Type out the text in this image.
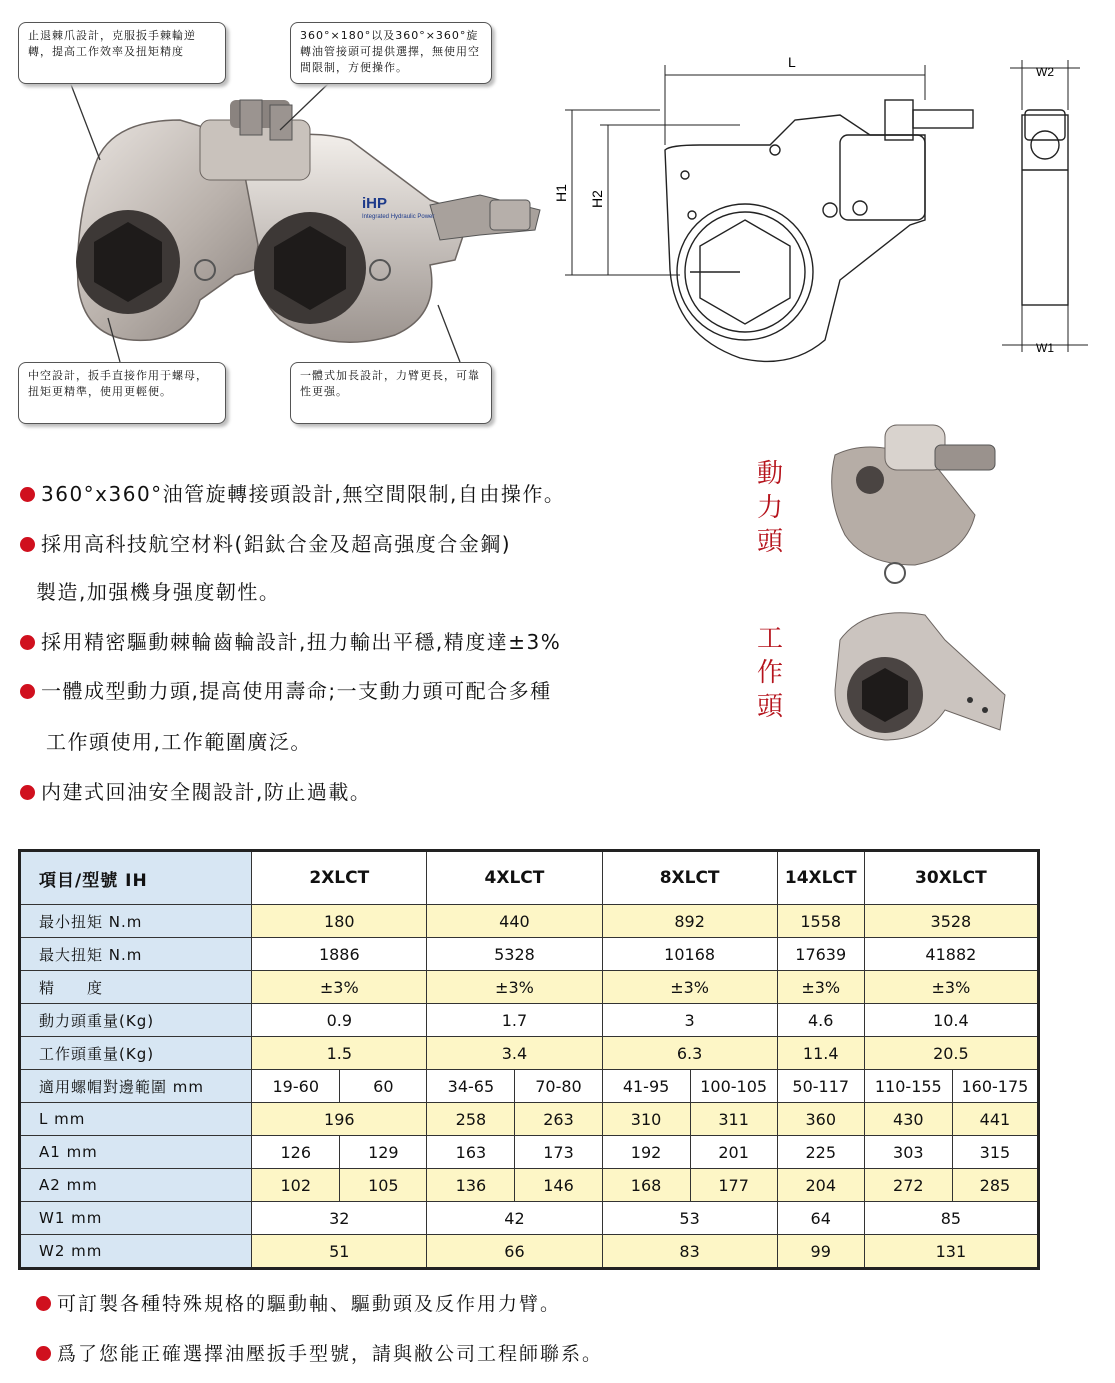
iHP
Integrated Hydraulic Power
止退棘爪設計，克服扳手棘輪逆轉，提高工作效率及扭矩精度
360°×180°以及360°×360°旋轉油管接頭可提供選擇，無使用空間限制，方便操作。
中空設計，扳手直接作用于螺母，扭矩更精準，使用更輕便。
一體式加長設計，力臂更長，可靠性更强。
L
H1 H2
W2
W1
360°x360°油管旋轉接頭設計,無空間限制,自由操作。
採用高科技航空材料(鋁鈦合金及超高强度合金鋼)
製造,加强機身强度韌性。
採用精密驅動棘輪齒輪設計,扭力輸出平穩,精度達±3%
一體成型動力頭,提高使用壽命;一支動力頭可配合多種
工作頭使用,工作範圍廣泛。
内建式回油安全閥設計,防止過載。
動力頭
工作頭
項目/型號 IH	2XLCT		4XLCT		8XLCT		14XLCT	30XLCT	
最小扭矩 N.m	180		440		892		1558	3528	
最大扭矩 N.m	1886		5328		10168		17639	41882	
精　　度	±3%		±3%		±3%		±3%	±3%	
動力頭重量(Kg)	0.9		1.7		3		4.6	10.4	
工作頭重量(Kg)	1.5		3.4		6.3		11.4	20.5	
適用螺帽對邊範圍 mm	19-60	60	34-65	70-80	41-95	100-105	50-117	110-155	160-175
L mm	196		258	263	310	311	360	430	441
A1 mm	126	129	163	173	192	201	225	303	315
A2 mm	102	105	136	146	168	177	204	272	285
W1 mm	32		42		53		64	85	
W2 mm	51		66		83		99	131	
可訂製各種特殊規格的驅動軸、驅動頭及反作用力臂。
爲了您能正確選擇油壓扳手型號，請與敝公司工程師聯系。
